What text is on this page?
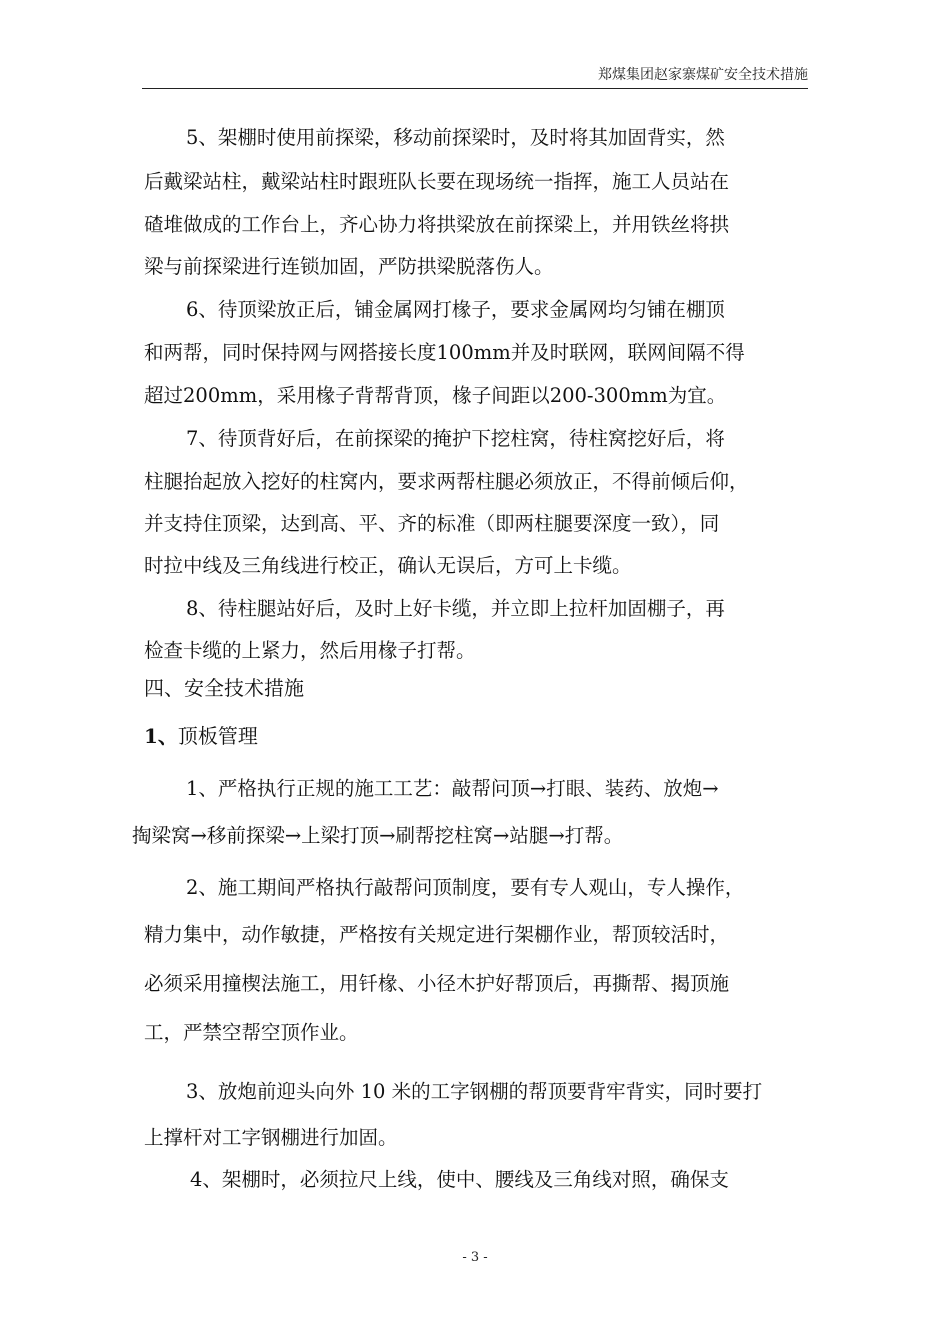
郑煤集团赵家寨煤矿安全技术措施
5、架棚时使用前探梁，移动前探梁时，及时将其加固背实，然
后戴梁站柱，戴梁站柱时跟班队长要在现场统一指挥，施工人员站在
碴堆做成的工作台上，齐心协力将拱梁放在前探梁上，并用铁丝将拱
梁与前探梁进行连锁加固，严防拱梁脱落伤人。
6、待顶梁放正后，铺金属网打椽子，要求金属网均匀铺在棚顶
和两帮，同时保持网与网搭接长度100mm并及时联网，联网间隔不得
超过200mm，采用椽子背帮背顶，椽子间距以200-300mm为宜。
7、待顶背好后，在前探梁的掩护下挖柱窝，待柱窝挖好后，将
柱腿抬起放入挖好的柱窝内，要求两帮柱腿必须放正，不得前倾后仰，
并支持住顶梁，达到高、平、齐的标准（即两柱腿要深度一致），同
时拉中线及三角线进行校正，确认无误后，方可上卡缆。
8、待柱腿站好后，及时上好卡缆，并立即上拉杆加固棚子，再
检查卡缆的上紧力，然后用椽子打帮。
四、安全技术措施
1、顶板管理
1、严格执行正规的施工工艺：敲帮问顶→打眼、装药、放炮→
掏梁窝→移前探梁→上梁打顶→刷帮挖柱窝→站腿→打帮。
2、施工期间严格执行敲帮问顶制度，要有专人观山，专人操作，
精力集中，动作敏捷，严格按有关规定进行架棚作业，帮顶较活时，
必须采用撞楔法施工，用钎椽、小径木护好帮顶后，再撕帮、揭顶施
工，严禁空帮空顶作业。
3、放炮前迎头向外 10 米的工字钢棚的帮顶要背牢背实，同时要打
上撑杆对工字钢棚进行加固。
4、架棚时，必须拉尺上线，使中、腰线及三角线对照，确保支
- 3 -
